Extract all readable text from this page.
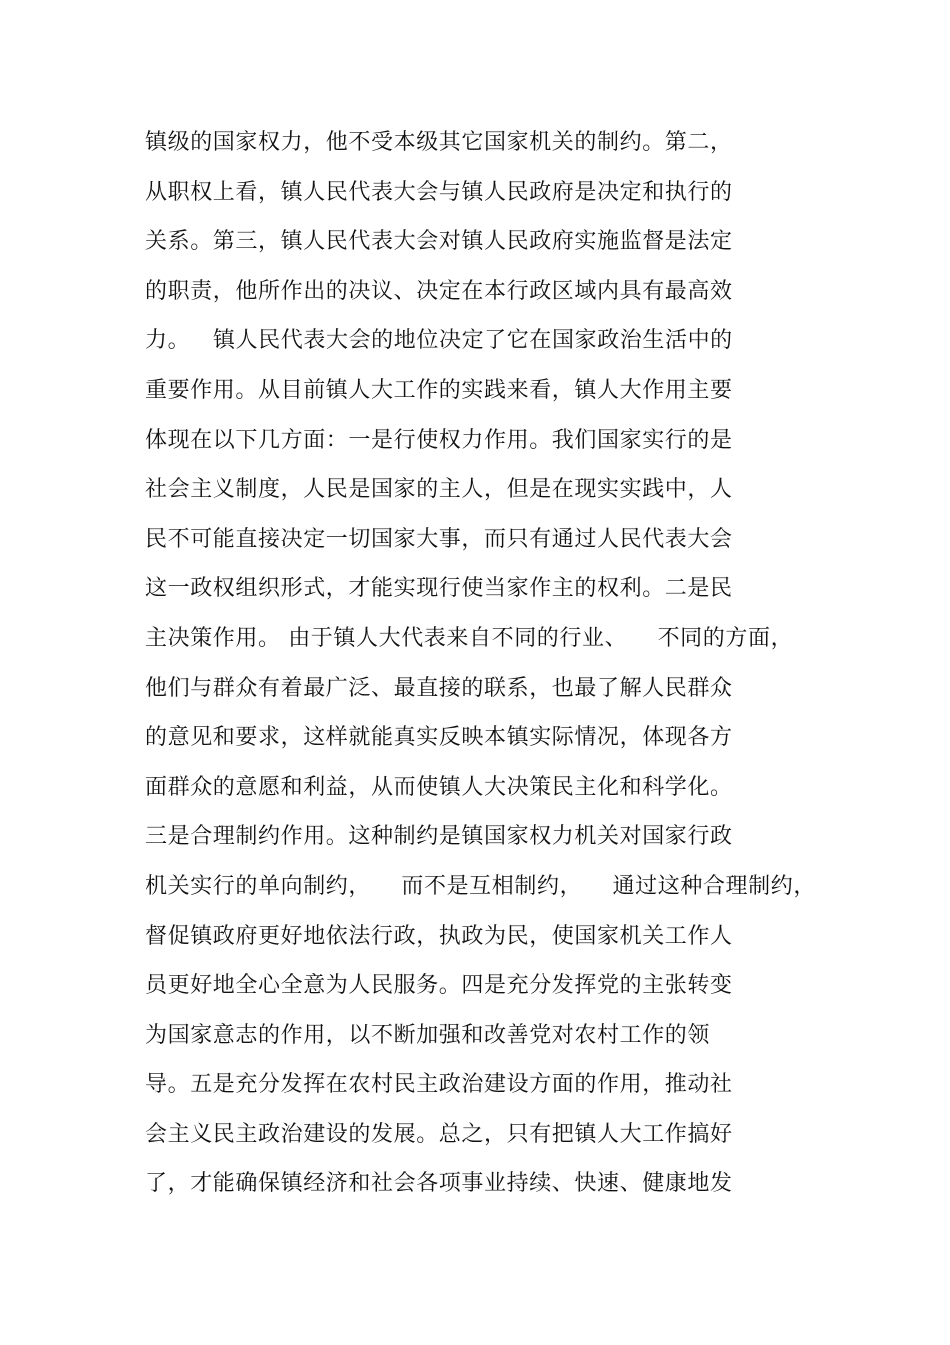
镇级的国家权力，他不受本级其它国家机关的制约。第二，
从职权上看，镇人民代表大会与镇人民政府是决定和执行的
关系。第三，镇人民代表大会对镇人民政府实施监督是法定
的职责，他所作出的决议、决定在本行政区域内具有最高效
力。   镇人民代表大会的地位决定了它在国家政治生活中的
重要作用。从目前镇人大工作的实践来看，镇人大作用主要
体现在以下几方面：一是行使权力作用。我们国家实行的是
社会主义制度，人民是国家的主人，但是在现实实践中，人
民不可能直接决定一切国家大事，而只有通过人民代表大会
这一政权组织形式，才能实现行使当家作主的权利。二是民
主决策作用。 由于镇人大代表来自不同的行业、    不同的方面，
他们与群众有着最广泛、最直接的联系，也最了解人民群众
的意见和要求，这样就能真实反映本镇实际情况，体现各方
面群众的意愿和利益，从而使镇人大决策民主化和科学化。
三是合理制约作用。这种制约是镇国家权力机关对国家行政
机关实行的单向制约，    而不是互相制约，    通过这种合理制约，
督促镇政府更好地依法行政，执政为民，使国家机关工作人
员更好地全心全意为人民服务。四是充分发挥党的主张转变
为国家意志的作用，以不断加强和改善党对农村工作的领
导。五是充分发挥在农村民主政治建设方面的作用，推动社
会主义民主政治建设的发展。总之，只有把镇人大工作搞好
了，才能确保镇经济和社会各项事业持续、快速、健康地发
